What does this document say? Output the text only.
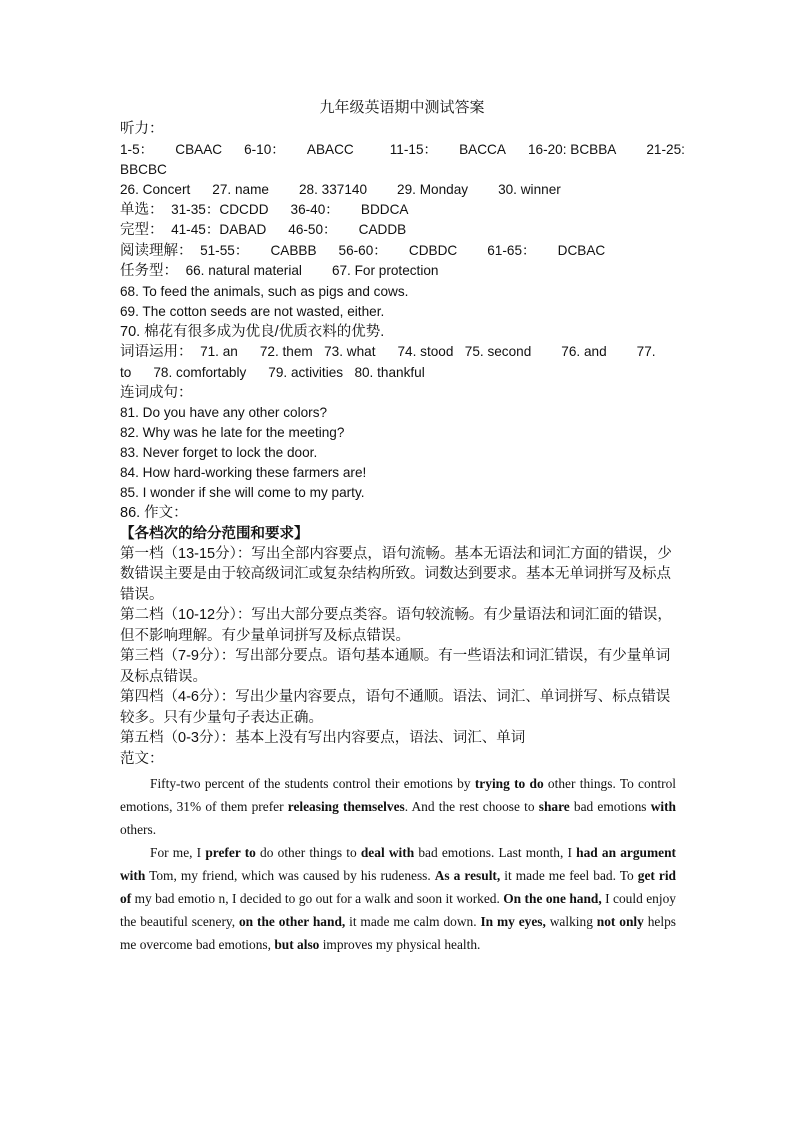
九年级英语期中测试答案
听力：
1-5： CBAAC 6-10： ABACC	11-15： BACCA 16-20: BCBBA 21-25:
BBCBC
26. Concert 27. name 28. 337140 29. Monday 30. winner
单选： 31-35：CDCDD 36-40： BDDCA
完型： 41-45：DABAD 46-50： CADDB
阅读理解： 51-55： CABBB 56-60： CDBDC 61-65： DCBAC
任务型： 66. natural material 67. For protection
68. To feed the animals, such as pigs and cows.
69. The cotton seeds are not wasted, either.
70. 棉花有很多成为优良/优质衣料的优势.
词语运用： 71. an 72. them 73. what 74. stood 75. second 76. and 77.
to 78. comfortably 79. activities 80. thankful
连词成句：
81. Do you have any other colors?
82. Why was he late for the meeting?
83. Never forget to lock the door.
84. How hard-working these farmers are!
85. I wonder if she will come to my party.
86. 作文：
【各档次的给分范围和要求】
第一档（13-15分）：写出全部内容要点，语句流畅。基本无语法和词汇方面的错误，少数错误主要是由于较高级词汇或复杂结构所致。词数达到要求。基本无单词拼写及标点错误。
第二档（10-12分）：写出大部分要点类容。语句较流畅。有少量语法和词汇面的错误，但不影响理解。有少量单词拼写及标点错误。
第三档（7-9分）：写出部分要点。语句基本通顺。有一些语法和词汇错误，有少量单词及标点错误。
第四档（4-6分）：写出少量内容要点，语句不通顺。语法、词汇、单词拼写、标点错误较多。只有少量句子表达正确。
第五档（0-3分）：基本上没有写出内容要点，语法、词汇、单词
范文：

Fifty-two percent of the students control their emotions by trying to do other things. To control emotions, 31% of them prefer releasing themselves. And the rest choose to share bad emotions with others.

For me, I prefer to do other things to deal with bad emotions. Last month, I had an argument with Tom, my friend, which was caused by his rudeness. As a result, it made me feel bad. To get rid of my bad emotio n, I decided to go out for a walk and soon it worked. On the one hand, I could enjoy the beautiful scenery, on the other hand, it made me calm down. In my eyes, walking not only helps me overcome bad emotions, but also improves my physical health.
